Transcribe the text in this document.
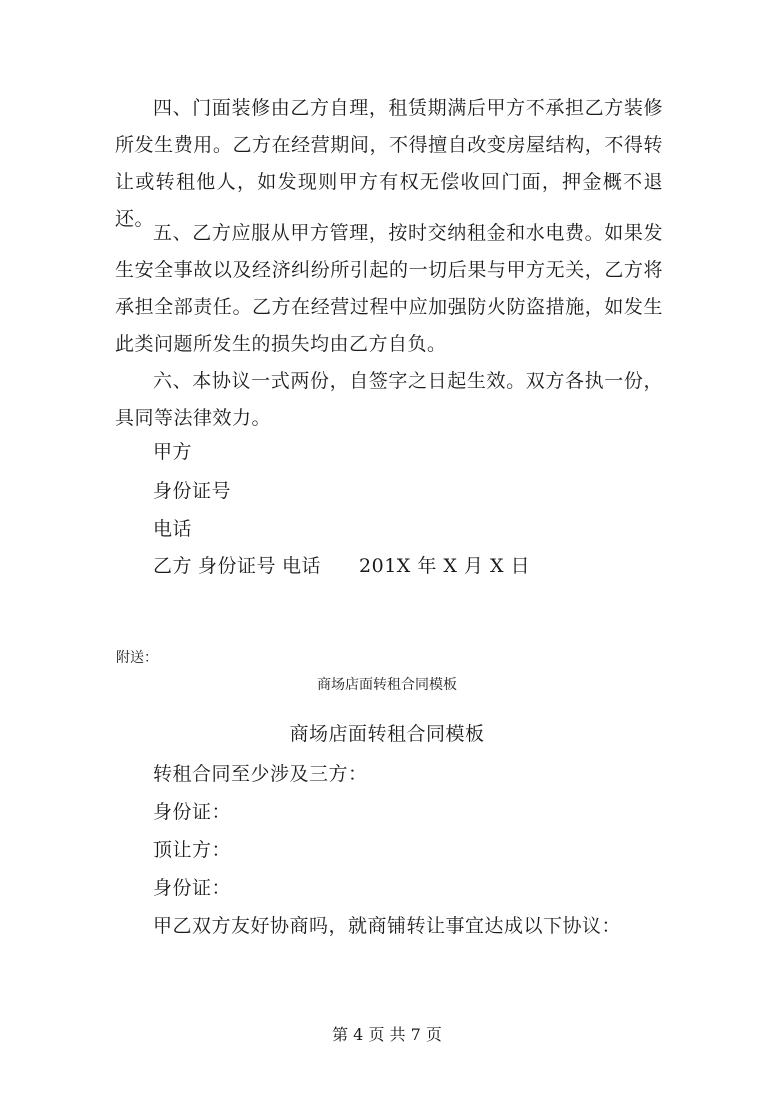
四、门面装修由乙方自理，租赁期满后甲方不承担乙方装修所发生费用。乙方在经营期间，不得擅自改变房屋结构，不得转让或转租他人，如发现则甲方有权无偿收回门面，押金概不退还。

五、乙方应服从甲方管理，按时交纳租金和水电费。如果发生安全事故以及经济纠纷所引起的一切后果与甲方无关，乙方将承担全部责任。乙方在经营过程中应加强防火防盗措施，如发生此类问题所发生的损失均由乙方自负。

六、本协议一式两份，自签字之日起生效。双方各执一份，具同等法律效力。

甲方

身份证号

电话

乙方 身份证号 电话 201X 年 X 月 X 日

附送：

商场店面转租合同模板

商场店面转租合同模板

转租合同至少涉及三方：

身份证：

顶让方：

身份证：

甲乙双方友好协商吗，就商铺转让事宜达成以下协议：

第 4 页 共 7 页
